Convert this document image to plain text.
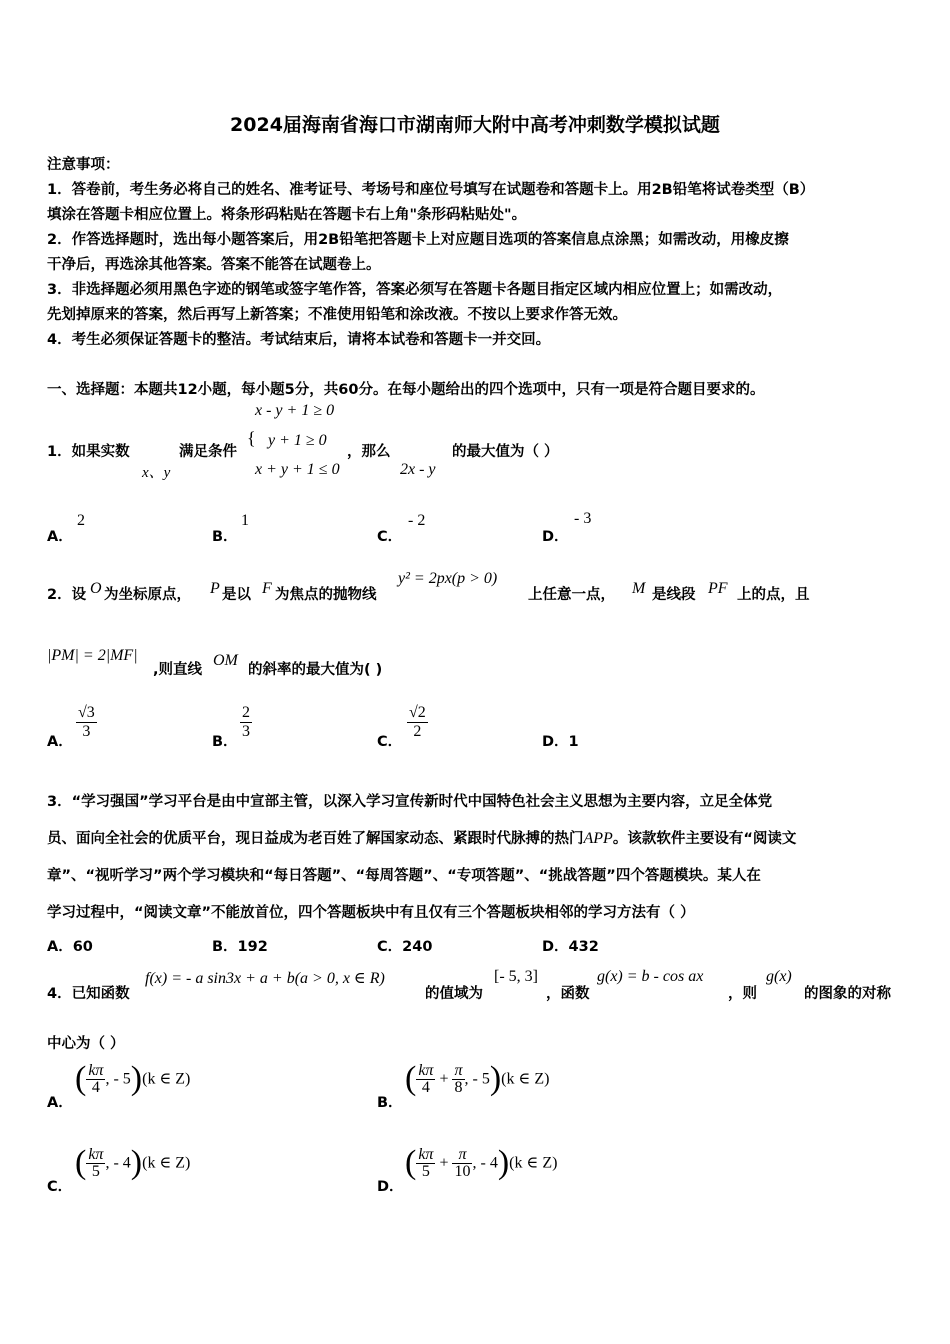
2024届海南省海口市湖南师大附中高考冲刺数学模拟试题
注意事项：
1．答卷前，考生务必将自己的姓名、准考证号、考场号和座位号填写在试题卷和答题卡上。用2B铅笔将试卷类型（B）
填涂在答题卡相应位置上。将条形码粘贴在答题卡右上角"条形码粘贴处"。
2．作答选择题时，选出每小题答案后，用2B铅笔把答题卡上对应题目选项的答案信息点涂黑；如需改动，用橡皮擦
干净后，再选涂其他答案。答案不能答在试题卷上。
3．非选择题必须用黑色字迹的钢笔或签字笔作答，答案必须写在答题卡各题目指定区域内相应位置上；如需改动，
先划掉原来的答案，然后再写上新答案；不准使用铅笔和涂改液。不按以上要求作答无效。
4．考生必须保证答题卡的整洁。考试结束后，请将本试卷和答题卡一并交回。
一、选择题：本题共12小题，每小题5分，共60分。在每小题给出的四个选项中，只有一项是符合题目要求的。
1．如果实数
x、y
满足条件
{
x - y + 1 ≥ 0
y + 1 ≥ 0
x + y + 1 ≤ 0
，那么
2x - y
的最大值为（ ）
A．
2
B．
1
C．
- 2
D．
- 3
2．设 O 为坐标原点， P 是以 F 为焦点的抛物线
y² = 2px(p > 0)
上任意一点， M 是线段 PF 上的点，且
|PM| = 2|MF|
,则直线
OM
的斜率的最大值为( )
A．
$\frac{√3}{3}$
B．
$\frac{2}{3}$
C．
$\frac{√2}{2}$
D．1
3．“学习强国”学习平台是由中宣部主管，以深入学习宣传新时代中国特色社会主义思想为主要内容，立足全体党
员、面向全社会的优质平台，现日益成为老百姓了解国家动态、紧跟时代脉搏的热门APP。该款软件主要设有“阅读文
章”、“视听学习”两个学习模块和“每日答题”、“每周答题”、“专项答题”、“挑战答题”四个答题模块。某人在
学习过程中，“阅读文章”不能放首位，四个答题板块中有且仅有三个答题板块相邻的学习方法有（ ）
A．60	B．192	C．240	D．432
4．已知函数
f(x) = - a sin3x + a + b(a > 0, x ∈ R)
的值域为
[- 5, 3]
，函数
g(x) = b - cos ax
，则
g(x)
的图象的对称
中心为（ ）
A．
( $\frac{k\pi}{4}$ , - 5)(k ∈ Z)
B．
( $\frac{k\pi}{4} + \frac{\pi}{8}$ , - 5)(k ∈ Z)
C．
( $\frac{k\pi}{5}$ , - 4)(k ∈ Z)
D．
( $\frac{k\pi}{5} + \frac{\pi}{10}$ , - 4)(k ∈ Z)
